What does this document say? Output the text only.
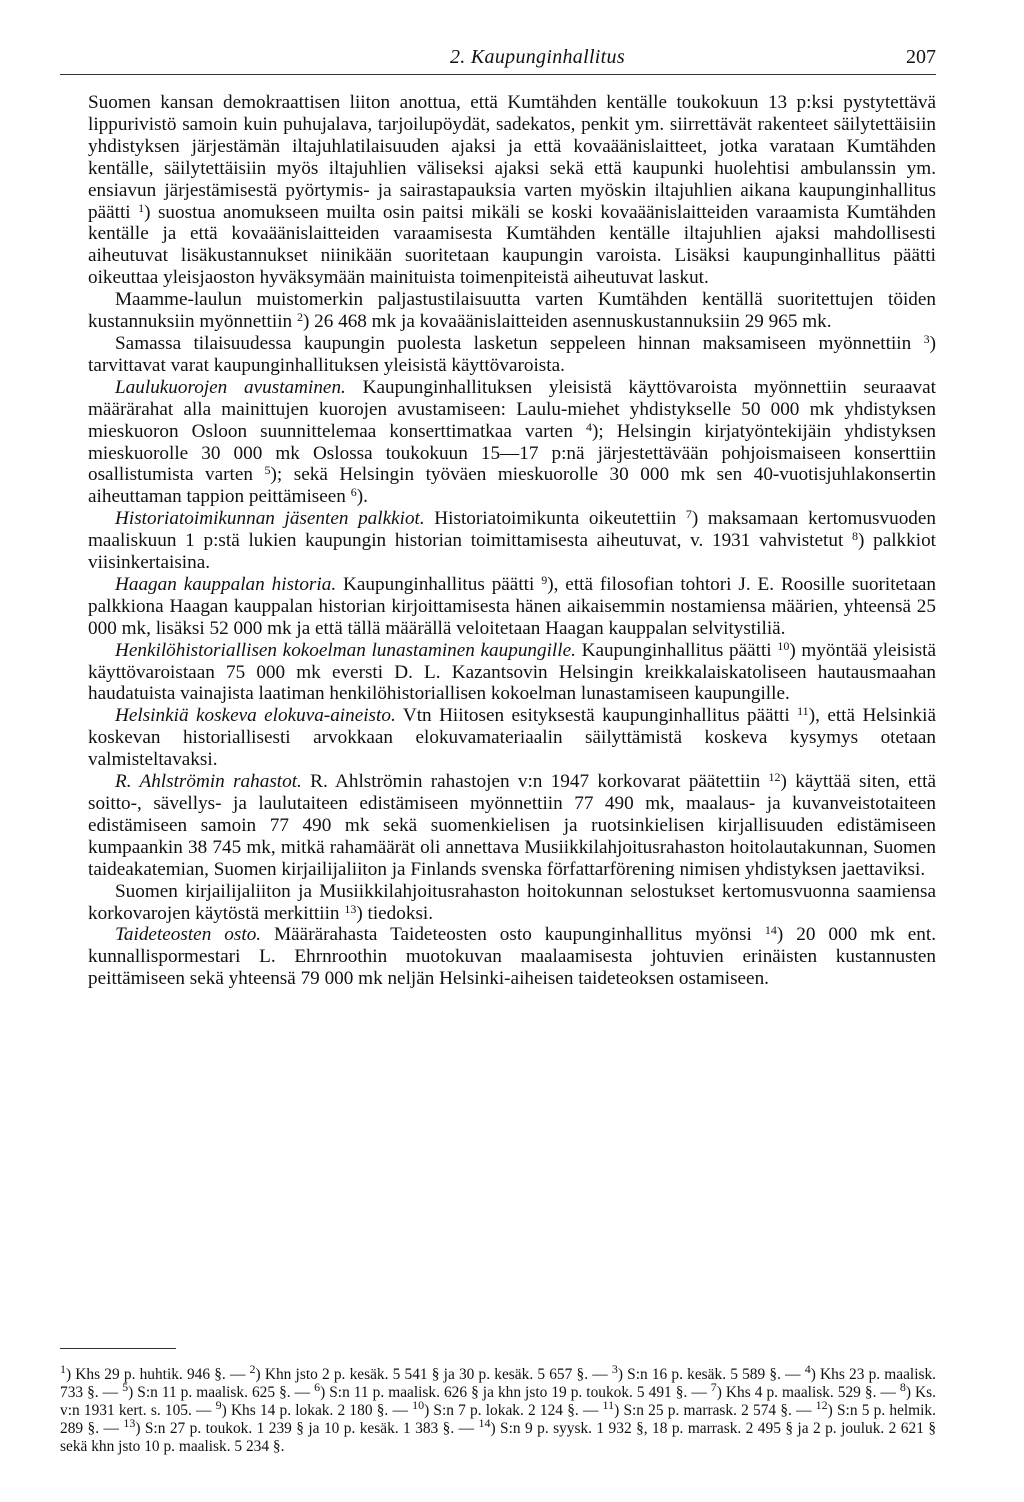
2. Kaupunginhallitus	207

Suomen kansan demokraattisen liiton anottua, että Kumtähden kentälle toukokuun 13 p:ksi pystytettävä lippurivistö samoin kuin puhujalava, tarjoilupöydät, sadekatos, penkit ym. siirrettävät rakenteet säilytettäisiin yhdistyksen järjestämän iltajuhlatilaisuuden ajaksi ja että kovaäänislaitteet, jotka varataan Kumtähden kentälle, säilytettäisiin myös iltajuhlien väliseksi ajaksi sekä että kaupunki huolehtisi ambulanssin ym. ensiavun järjestämisestä pyörtymis- ja sairastapauksia varten myöskin iltajuhlien aikana kaupunginhallitus päätti $^1$) suostua anomukseen muilta osin paitsi mikäli se koski kovaäänislaitteiden varaamista Kumtähden kentälle ja että kovaäänislaitteiden varaamisesta Kumtähden kentälle iltajuhlien ajaksi mahdollisesti aiheutuvat lisäkustannukset niinikään suoritetaan kaupungin varoista. Lisäksi kaupunginhallitus päätti oikeuttaa yleisjaoston hyväksymään mainituista toimenpiteistä aiheutuvat laskut.

Maamme-laulun muistomerkin paljastustilaisuutta varten Kumtähden kentällä suoritettujen töiden kustannuksiin myönnettiin $^2$) 26 468 mk ja kovaäänislaitteiden asennuskustannuksiin 29 965 mk.

Samassa tilaisuudessa kaupungin puolesta lasketun seppeleen hinnan maksamiseen myönnettiin $^3$) tarvittavat varat kaupunginhallituksen yleisistä käyttövaroista.

Laulukuorojen avustaminen. Kaupunginhallituksen yleisistä käyttövaroista myönnettiin seuraavat määrärahat alla mainittujen kuorojen avustamiseen: Laulu-miehet yhdistykselle 50 000 mk yhdistyksen mieskuoron Osloon suunnittelemaa konserttimatkaa varten $^4$); Helsingin kirjatyöntekijäin yhdistyksen mieskuorolle 30 000 mk Oslossa toukokuun 15—17 p:nä järjestettävään pohjoismaiseen konserttiin osallistumista varten $^5$); sekä Helsingin työväen mieskuorolle 30 000 mk sen 40-vuotisjuhlakonsertin aiheuttaman tappion peittämiseen $^6$).

Historiatoimikunnan jäsenten palkkiot. Historiatoimikunta oikeutettiin $^7$) maksamaan kertomusvuoden maaliskuun 1 p:stä lukien kaupungin historian toimittamisesta aiheutuvat, v. 1931 vahvistetut $^8$) palkkiot viisinkertaisina.

Haagan kauppalan historia. Kaupunginhallitus päätti $^9$), että filosofian tohtori J. E. Roosille suoritetaan palkkiona Haagan kauppalan historian kirjoittamisesta hänen aikaisemmin nostamiensa määrien, yhteensä 25 000 mk, lisäksi 52 000 mk ja että tällä määrällä veloitetaan Haagan kauppalan selvitystiliä.

Henkilöhistoriallisen kokoelman lunastaminen kaupungille. Kaupunginhallitus päätti $^{10}$) myöntää yleisistä käyttövaroistaan 75 000 mk eversti D. L. Kazantsovin Helsingin kreikkalaiskatoliseen hautausmaahan haudatuista vainajista laatiman henkilöhistoriallisen kokoelman lunastamiseen kaupungille.

Helsinkiä koskeva elokuva-aineisto. Vtn Hiitosen esityksestä kaupunginhallitus päätti $^{11}$), että Helsinkiä koskevan historiallisesti arvokkaan elokuvamateriaalin säilyttämistä koskeva kysymys otetaan valmisteltavaksi.

R. Ahlströmin rahastot. R. Ahlströmin rahastojen v:n 1947 korkovarat päätettiin $^{12}$) käyttää siten, että soitto-, sävellys- ja laulutaiteen edistämiseen myönnettiin 77 490 mk, maalaus- ja kuvanveistotaiteen edistämiseen samoin 77 490 mk sekä suomenkielisen ja ruotsinkielisen kirjallisuuden edistämiseen kumpaankin 38 745 mk, mitkä rahamäärät oli annettava Musiikkilahjoitusrahaston hoitolautakunnan, Suomen taideakatemian, Suomen kirjailijaliiton ja Finlands svenska författarförening nimisen yhdistyksen jaettaviksi.

Suomen kirjailijaliiton ja Musiikkilahjoitusrahaston hoitokunnan selostukset kertomusvuonna saamiensa korkovarojen käytöstä merkittiin $^{13}$) tiedoksi.

Taideteosten osto. Määrärahasta Taideteosten osto kaupunginhallitus myönsi $^{14}$) 20 000 mk ent. kunnallispormestari L. Ehrnroothin muotokuvan maalaamisesta johtuvien erinäisten kustannusten peittämiseen sekä yhteensä 79 000 mk neljän Helsinki-aiheisen taideteoksen ostamiseen.

$^1$) Khs 29 p. huhtik. 946 §. — $^2$) Khn jsto 2 p. kesäk. 5 541 § ja 30 p. kesäk. 5 657 §. — $^3$) S:n 16 p. kesäk. 5 589 §. — $^4$) Khs 23 p. maalisk. 733 §. — $^5$) S:n 11 p. maalisk. 625 §. — $^6$) S:n 11 p. maalisk. 626 § ja khn jsto 19 p. toukok. 5 491 §. — $^7$) Khs 4 p. maalisk. 529 §. — $^8$) Ks. v:n 1931 kert. s. 105. — $^9$) Khs 14 p. lokak. 2 180 §. — $^{10}$) S:n 7 p. lokak. 2 124 §. — $^{11}$) S:n 25 p. marrask. 2 574 §. — $^{12}$) S:n 5 p. helmik. 289 §. — $^{13}$) S:n 27 p. toukok. 1 239 § ja 10 p. kesäk. 1 383 §. — $^{14}$) S:n 9 p. syysk. 1 932 §, 18 p. marrask. 2 495 § ja 2 p. jouluk. 2 621 § sekä khn jsto 10 p. maalisk. 5 234 §.
